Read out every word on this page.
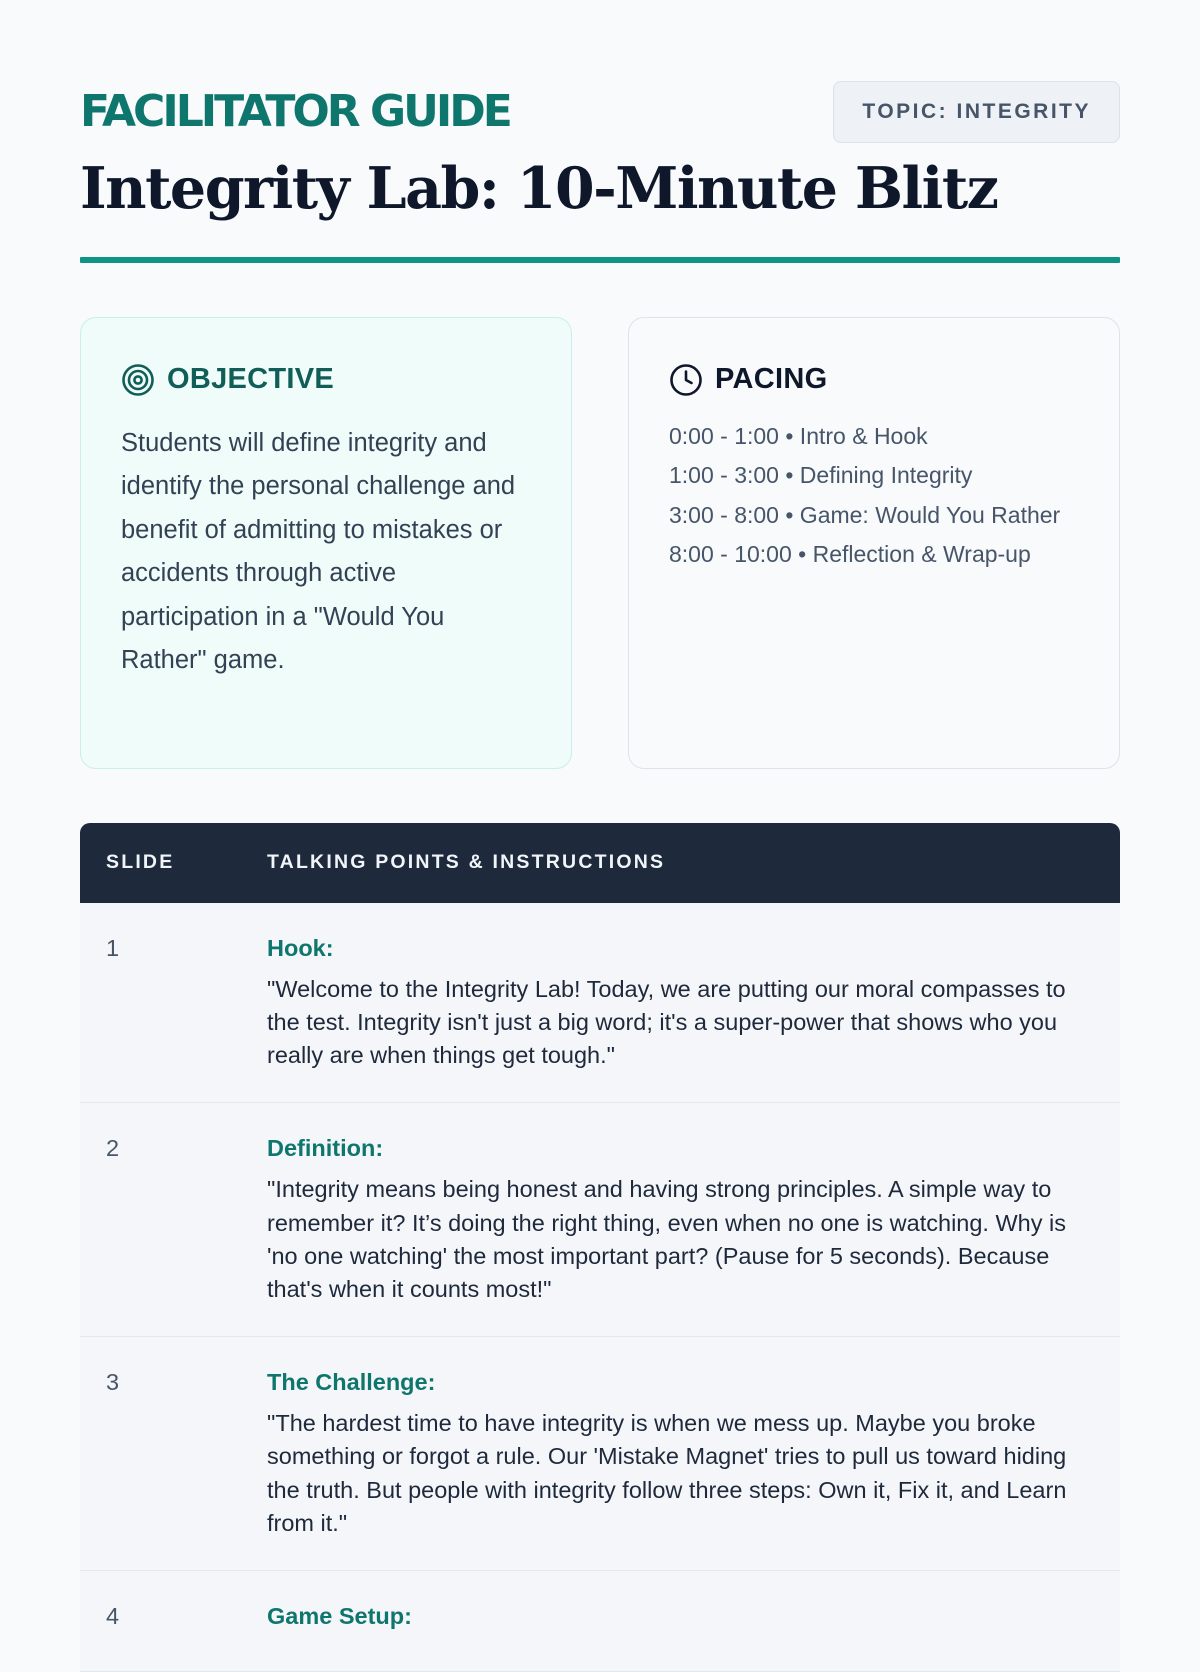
FACILITATOR GUIDE	TOPIC: INTEGRITY
Integrity Lab: 10-Minute Blitz
OBJECTIVE

Students will define integrity and identify the personal challenge and benefit of admitting to mistakes or accidents through active participation in a "Would You Rather" game.

PACING
0:00 - 1:00 • Intro & Hook
1:00 - 3:00 • Defining Integrity
3:00 - 8:00 • Game: Would You Rather
8:00 - 10:00 • Reflection & Wrap-up
SLIDE	TALKING POINTS & INSTRUCTIONS
1	Hook:
"Welcome to the Integrity Lab! Today, we are putting our moral compasses to the test. Integrity isn't just a big word; it's a super-power that shows who you really are when things get tough."
2	Definition:
"Integrity means being honest and having strong principles. A simple way to remember it? It’s doing the right thing, even when no one is watching. Why is 'no one watching' the most important part? (Pause for 5 seconds). Because that's when it counts most!"
3	The Challenge:
"The hardest time to have integrity is when we mess up. Maybe you broke something or forgot a rule. Our 'Mistake Magnet' tries to pull us toward hiding the truth. But people with integrity follow three steps: Own it, Fix it, and Learn from it."
4	Game Setup:
